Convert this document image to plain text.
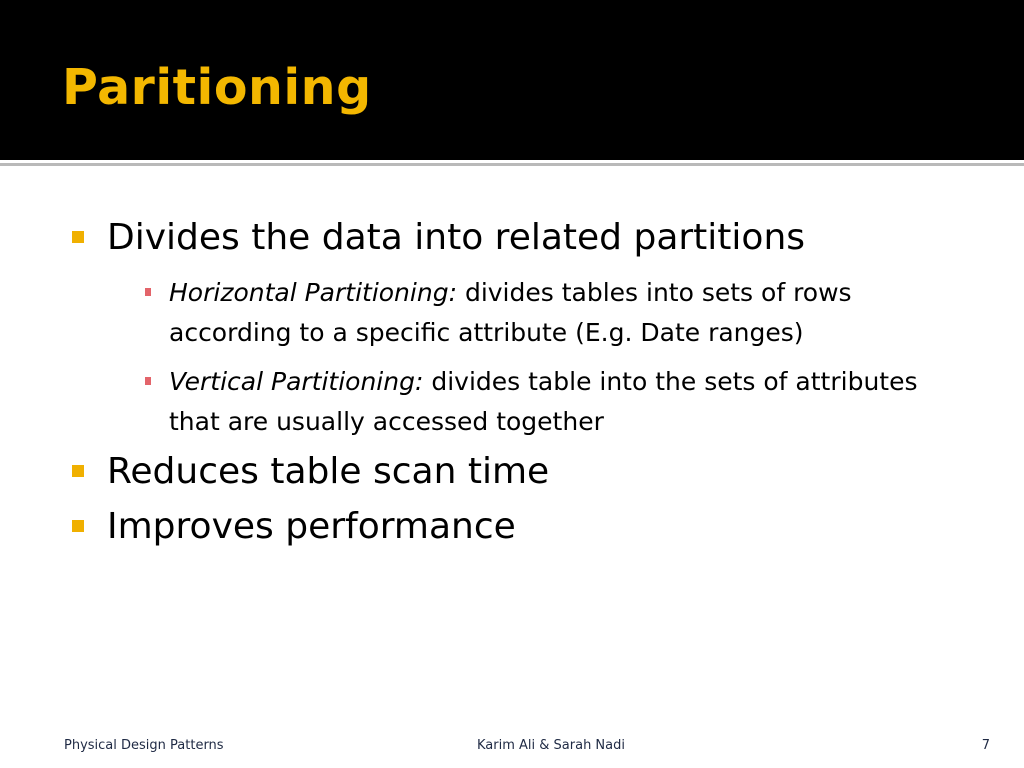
Paritioning
Divides the data into related partitions
Horizontal Partitioning: divides tables into sets of rows according to a specific attribute (E.g. Date ranges)
Vertical Partitioning: divides table into the sets of attributes that are usually accessed together
Reduces table scan time
Improves performance
Physical Design Patterns	Karim Ali & Sarah Nadi	7
